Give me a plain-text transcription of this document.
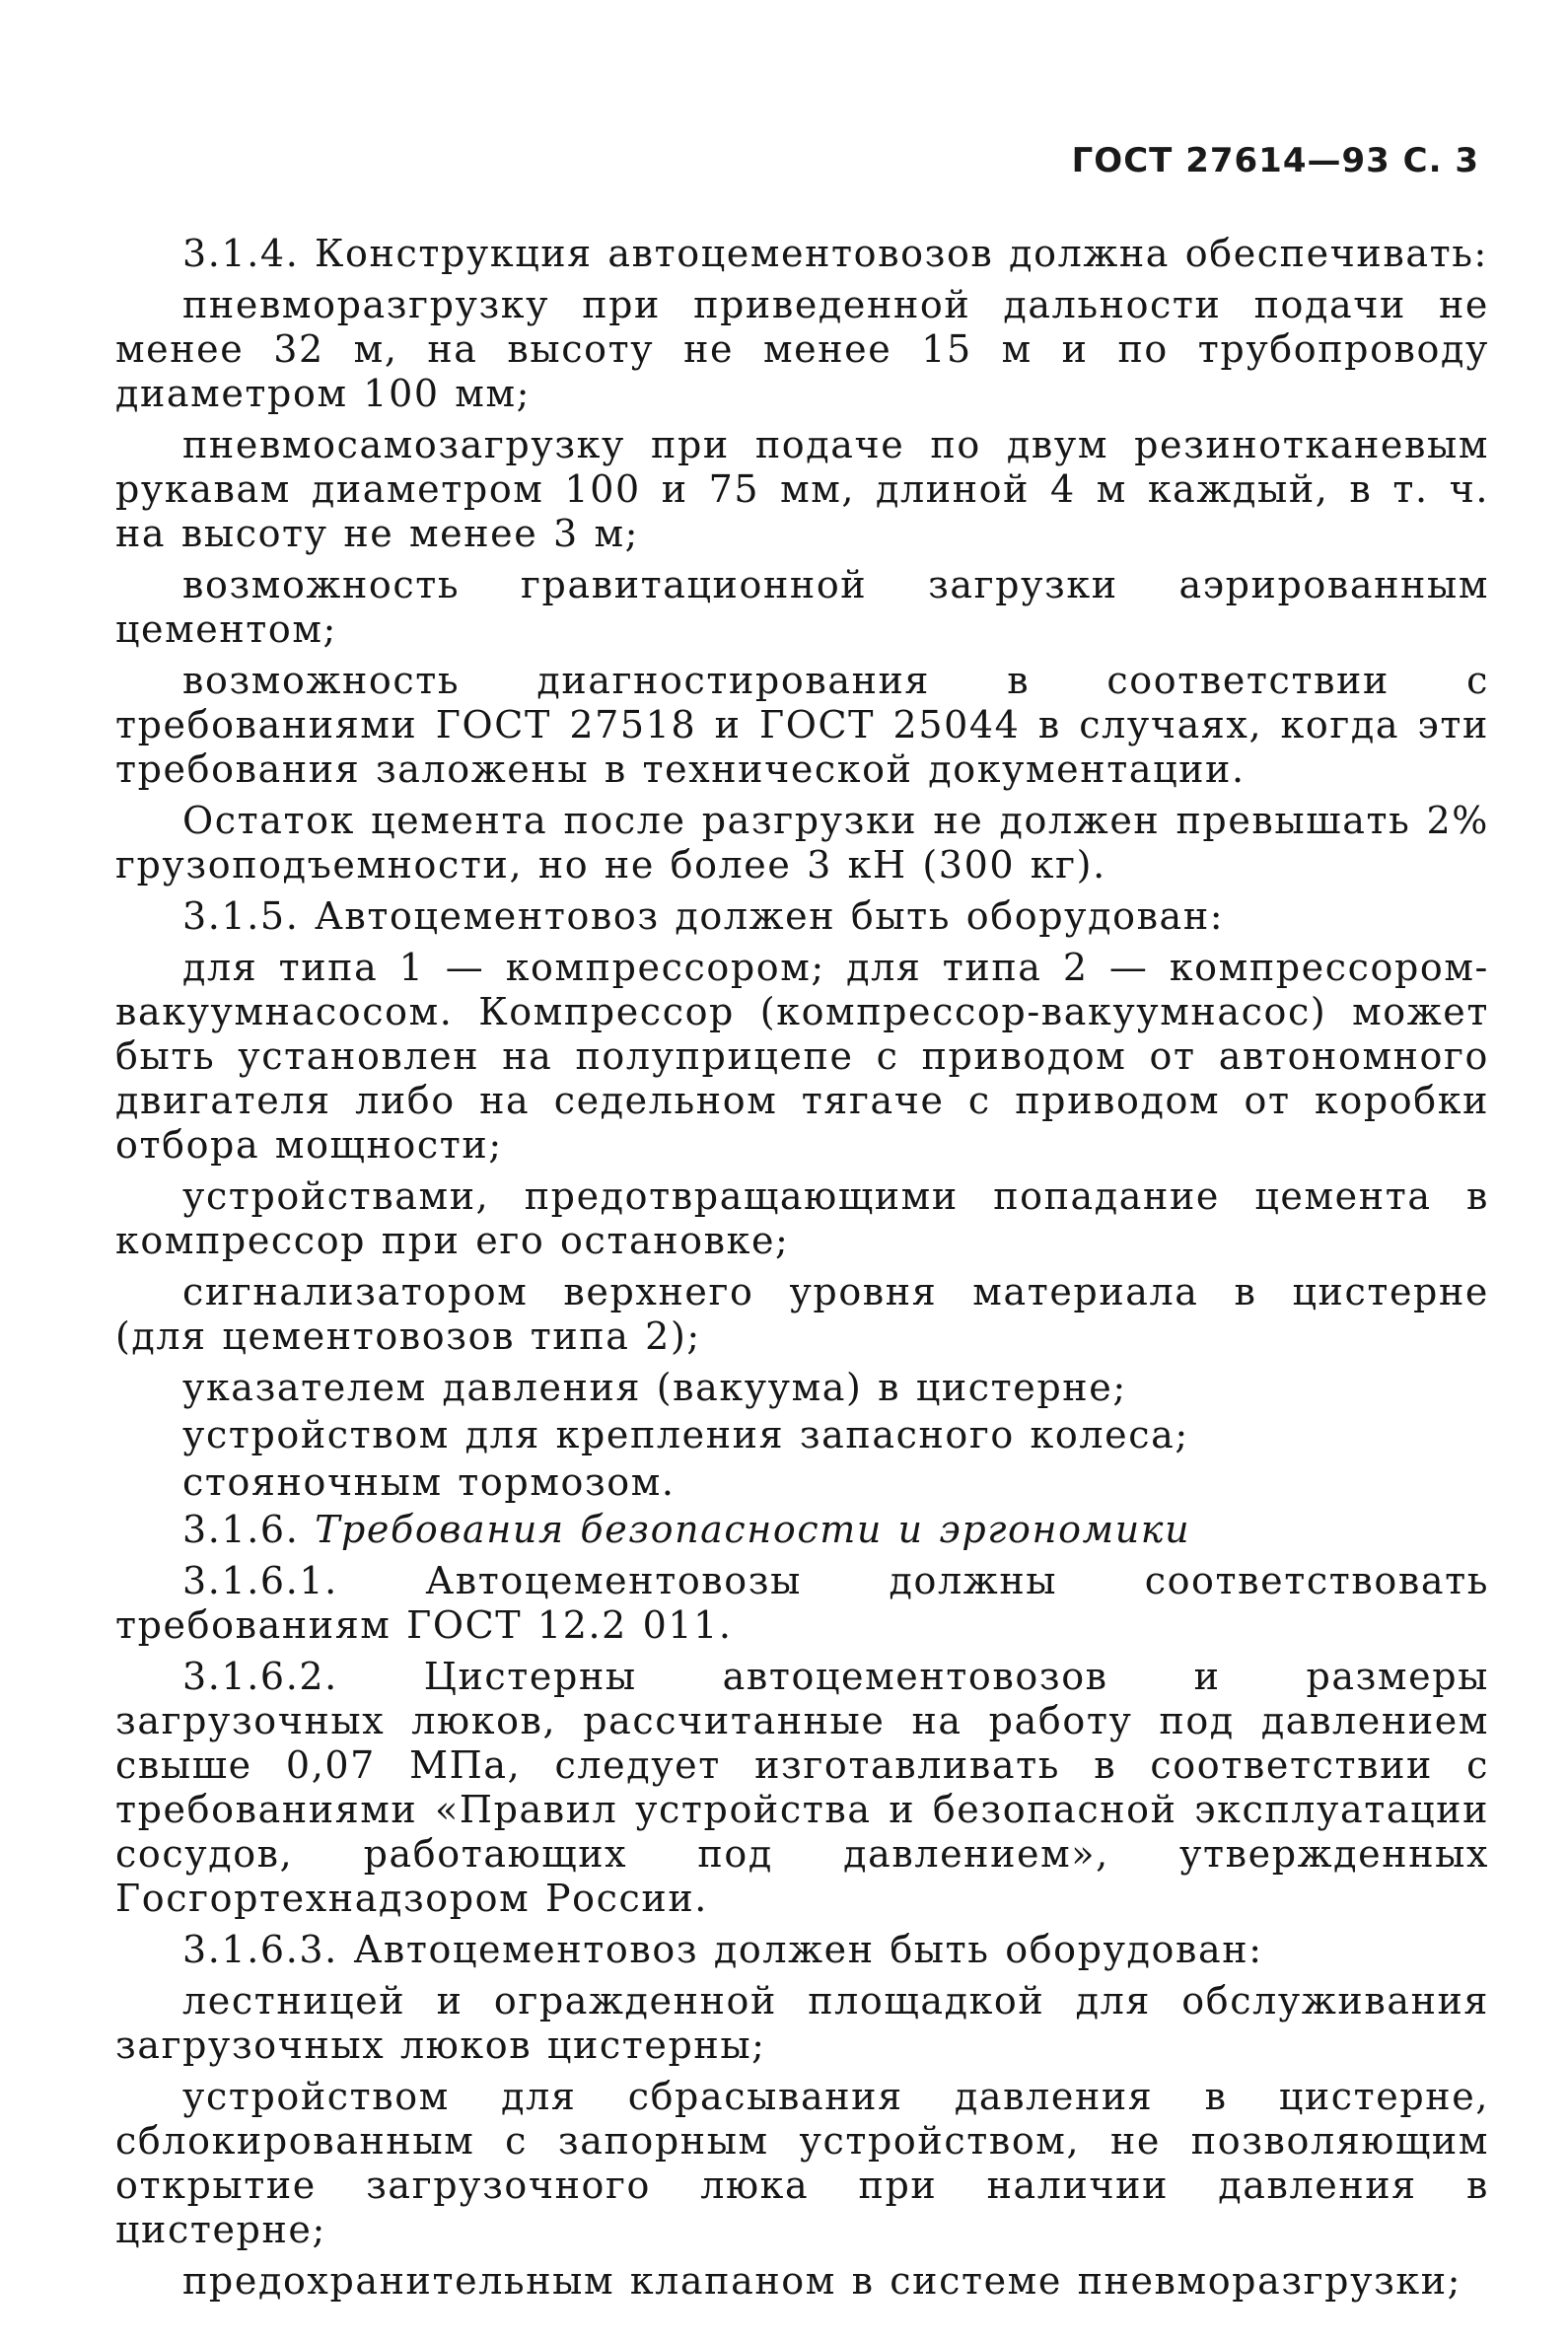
ГОСТ 27614—93 С. 3

3.1.4. Конструкция автоцементовозов должна обеспечивать:

пневморазгрузку при приведенной дальности подачи не менее 32 м, на высоту не менее 15 м и по трубопроводу диаметром 100 мм;

пневмосамозагрузку при подаче по двум резинотканевым рукавам диаметром 100 и 75 мм, длиной 4 м каждый, в т. ч. на высоту не менее 3 м;

возможность гравитационной загрузки аэрированным цементом;

возможность диагностирования в соответствии с требованиями ГОСТ 27518 и ГОСТ 25044 в случаях, когда эти требования заложены в технической документации.

Остаток цемента после разгрузки не должен превышать 2% грузоподъемности, но не более 3 кН (300 кг).

3.1.5. Автоцементовоз должен быть оборудован:

для типа 1 — компрессором; для типа 2 — компрессором-вакуумнасосом. Компрессор (компрессор-вакуумнасос) может быть установлен на полуприцепе с приводом от автономного двигателя либо на седельном тягаче с приводом от коробки отбора мощности;

устройствами, предотвращающими попадание цемента в компрессор при его остановке;

сигнализатором верхнего уровня материала в цистерне (для цементовозов типа 2);

указателем давления (вакуума) в цистерне;

устройством для крепления запасного колеса;

стояночным тормозом.

3.1.6. Требования безопасности и эргономики

3.1.6.1. Автоцементовозы должны соответствовать требованиям ГОСТ 12.2 011.

3.1.6.2. Цистерны автоцементовозов и размеры загрузочных люков, рассчитанные на работу под давлением свыше 0,07 МПа, следует изготавливать в соответствии с требованиями «Правил устройства и безопасной эксплуатации сосудов, работающих под давлением», утвержденных Госгортехнадзором России.

3.1.6.3. Автоцементовоз должен быть оборудован:

лестницей и огражденной площадкой для обслуживания загрузочных люков цистерны;

устройством для сбрасывания давления в цистерне, сблокированным с запорным устройством, не позволяющим открытие загрузочного люка при наличии давления в цистерне;

предохранительным клапаном в системе пневморазгрузки;
